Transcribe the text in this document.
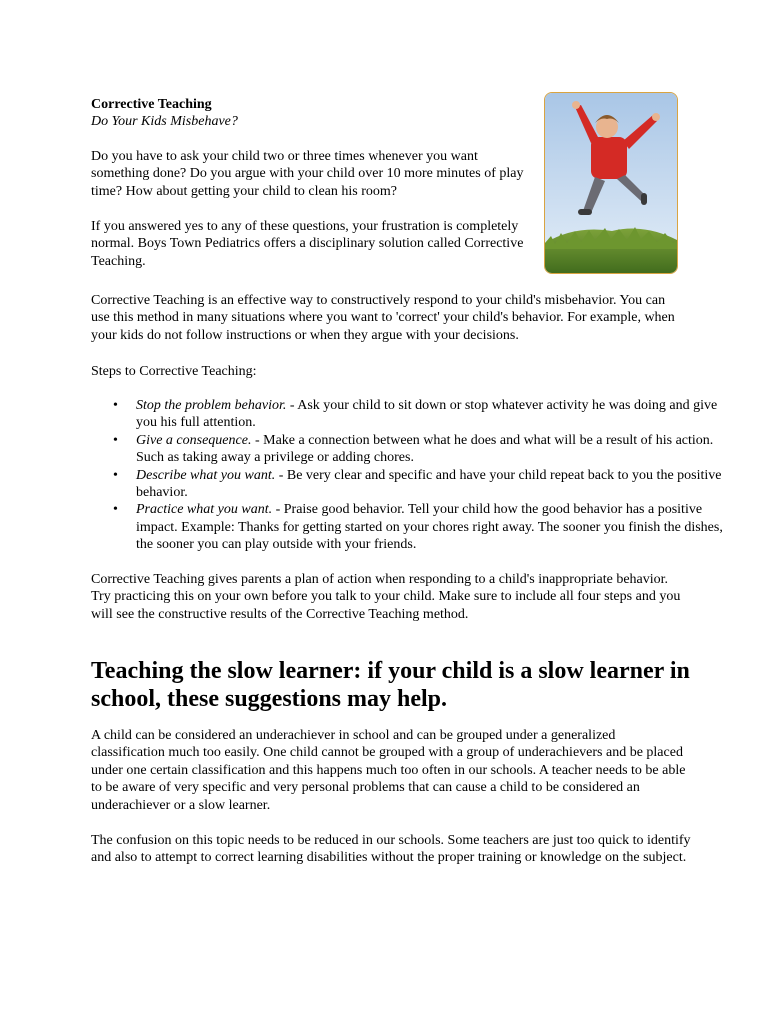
Corrective Teaching

Do Your Kids Misbehave?

Do you have to ask your child two or three times whenever you want something done? Do you argue with your child over 10 more minutes of play time? How about getting your child to clean his room?

If you answered yes to any of these questions, your frustration is completely normal. Boys Town Pediatrics offers a disciplinary solution called Corrective Teaching.

Corrective Teaching is an effective way to constructively respond to your child's misbehavior. You can use this method in many situations where you want to 'correct' your child's behavior. For example, when your kids do not follow instructions or when they argue with your decisions.

Steps to Corrective Teaching:

• Stop the problem behavior. - Ask your child to sit down or stop whatever activity he was doing and give you his full attention.
• Give a consequence. - Make a connection between what he does and what will be a result of his action. Such as taking away a privilege or adding chores.
• Describe what you want. - Be very clear and specific and have your child repeat back to you the positive behavior.
• Practice what you want. - Praise good behavior. Tell your child how the good behavior has a positive impact. Example: Thanks for getting started on your chores right away. The sooner you finish the dishes, the sooner you can play outside with your friends.

Corrective Teaching gives parents a plan of action when responding to a child's inappropriate behavior. Try practicing this on your own before you talk to your child. Make sure to include all four steps and you will see the constructive results of the Corrective Teaching method.

Teaching the slow learner: if your child is a slow learner in school, these suggestions may help.

A child can be considered an underachiever in school and can be grouped under a generalized classification much too easily. One child cannot be grouped with a group of underachievers and be placed under one certain classification and this happens much too often in our schools. A teacher needs to be able to be aware of very specific and very personal problems that can cause a child to be considered an underachiever or a slow learner.

The confusion on this topic needs to be reduced in our schools. Some teachers are just too quick to identify and also to attempt to correct learning disabilities without the proper training or knowledge on the subject.
